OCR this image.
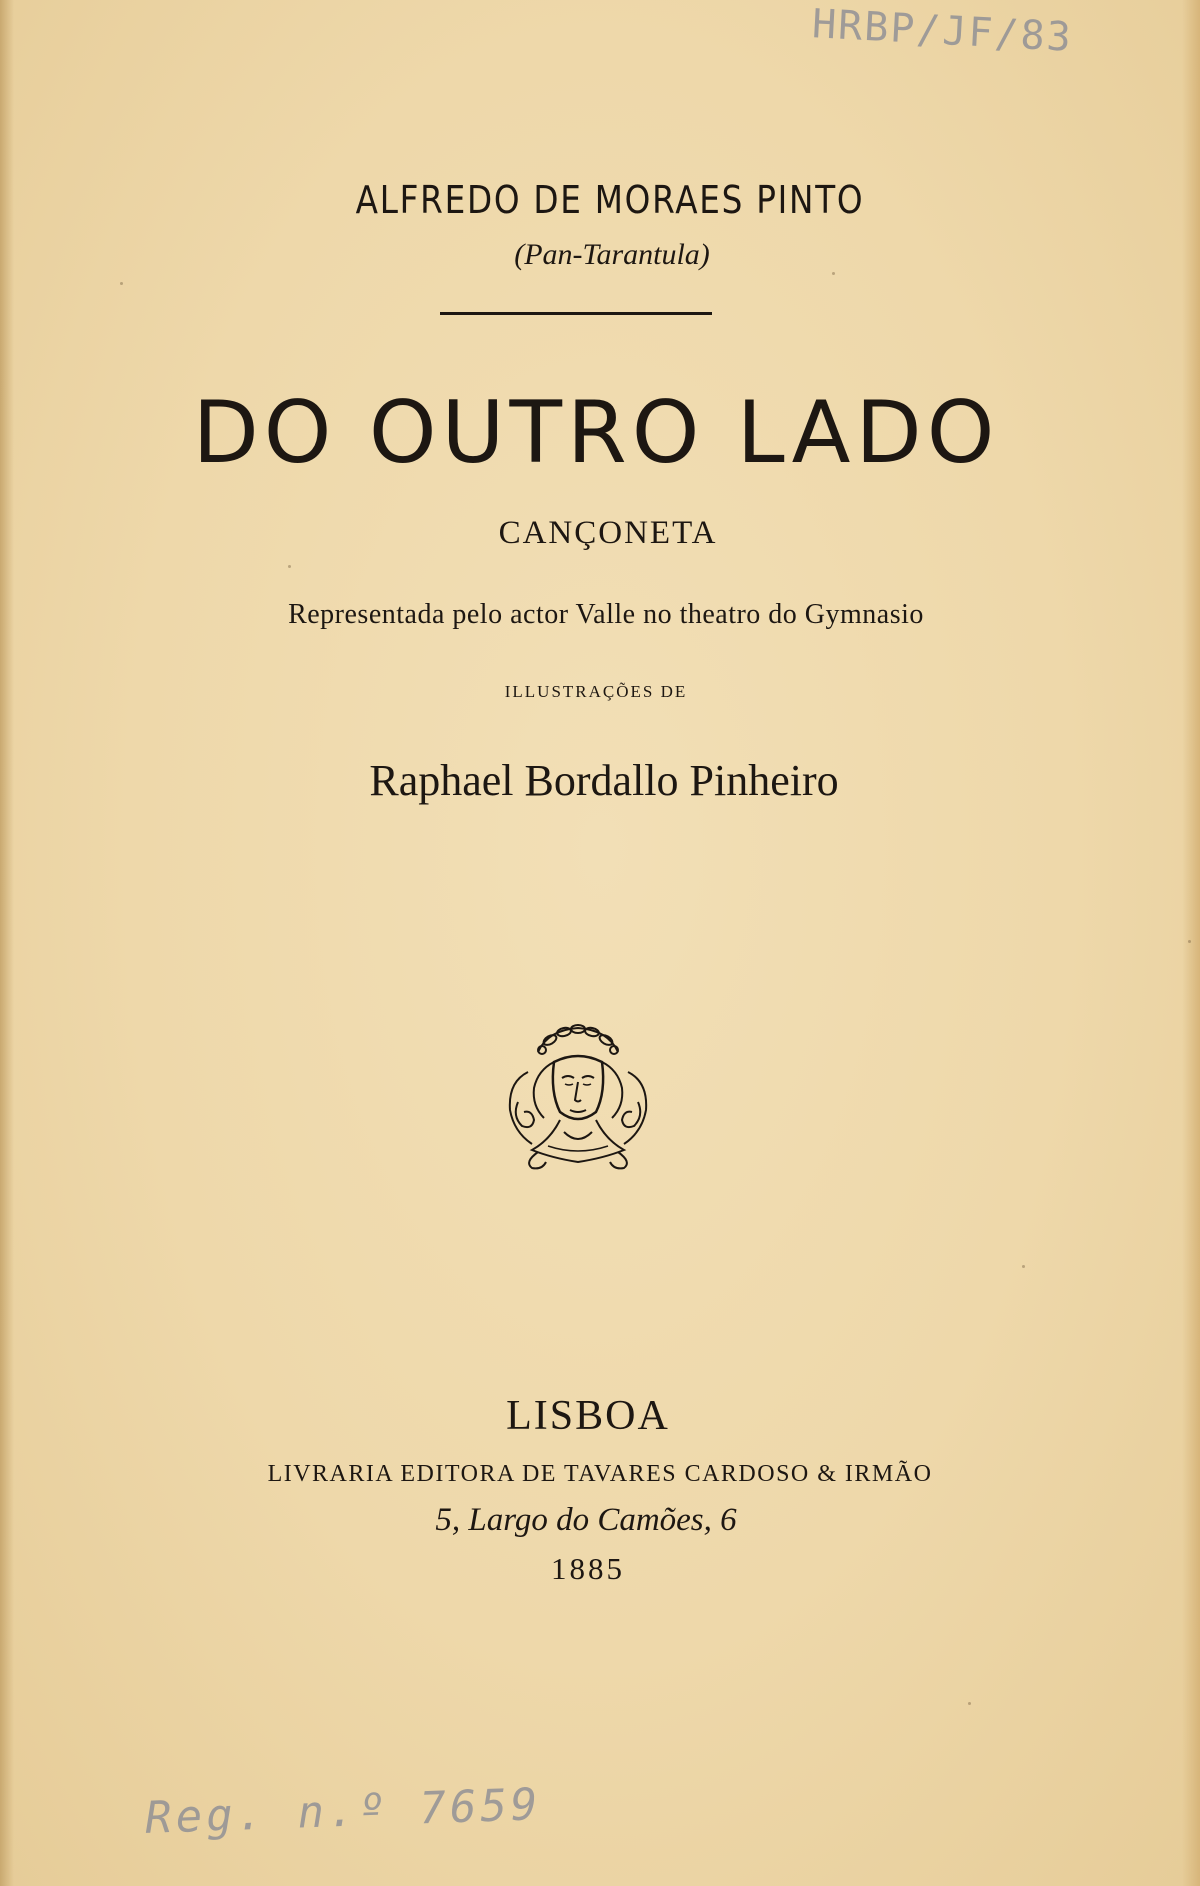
HRBP/JF/83
ALFREDO DE MORAES PINTO
(Pan-Tarantula)
DO OUTRO LADO
CANÇONETA
Representada pelo actor Valle no theatro do Gymnasio
ILLUSTRAÇÕES DE
Raphael Bordallo Pinheiro
LISBOA
LIVRARIA EDITORA DE TAVARES CARDOSO & IRMÃO
5, Largo do Camões, 6
1885
Reg. n.º 7659
